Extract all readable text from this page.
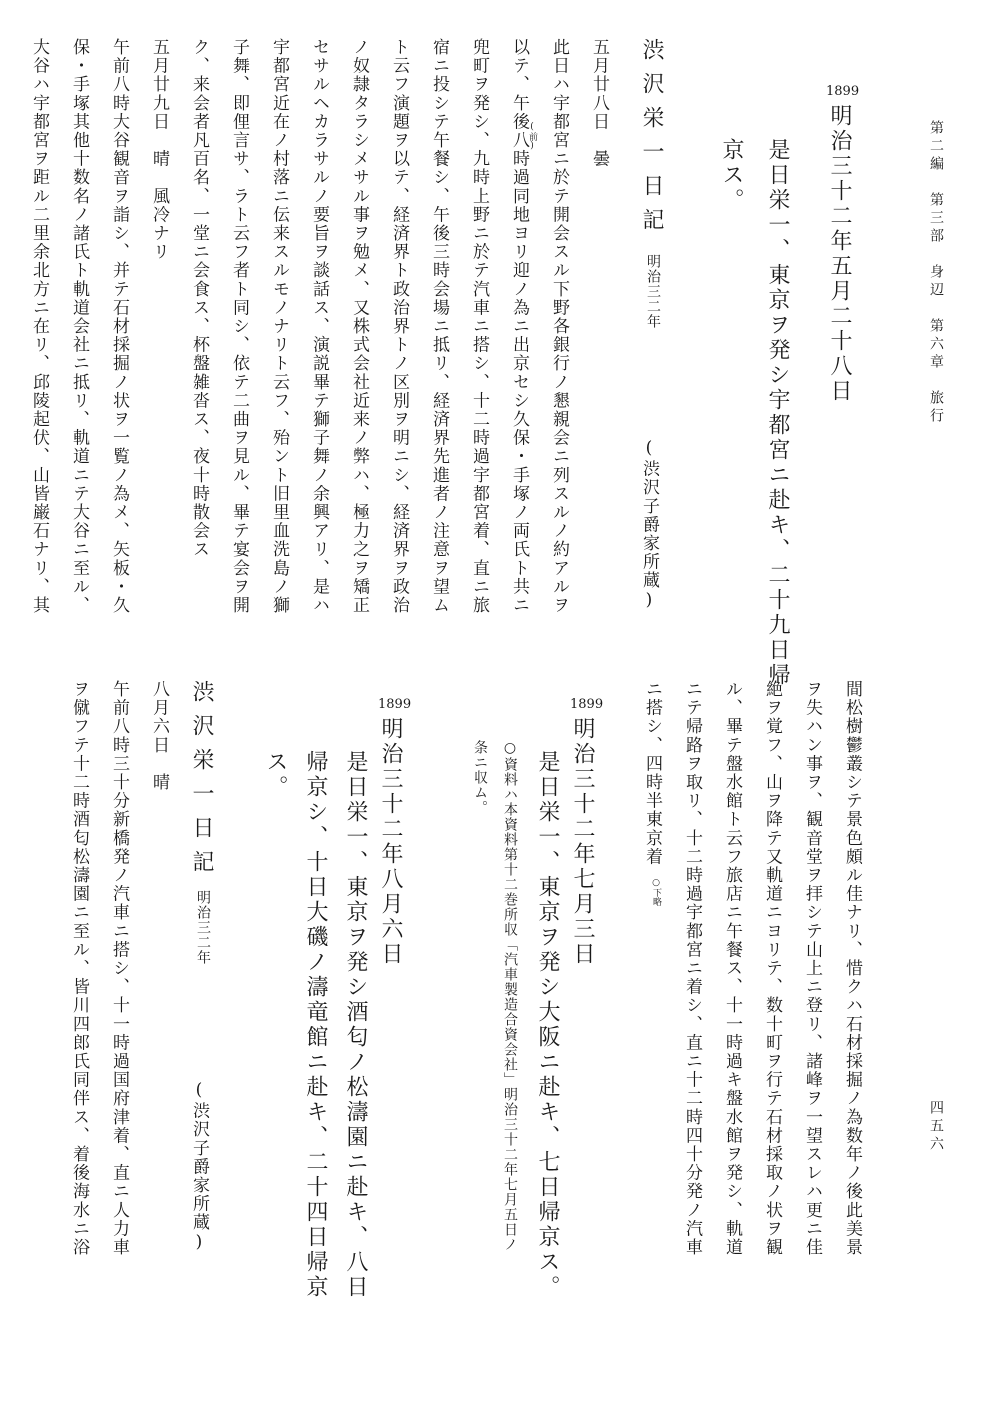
第二編　第三部　身辺　第六章　旅行
四五六
1899
明治三十二年五月二十八日
是日栄一、東京ヲ発シ宇都宮ニ赴キ、二十九日帰
京ス。
渋沢栄一日記
明治三二年
(渋沢子爵家所蔵)
五月廿八日　曇
此日ハ宇都宮ニ於テ開会スル下野各銀行ノ懇親会ニ列スルノ約アルヲ
(前)
以テ、午後八時過同地ヨリ迎ノ為ニ出京セシ久保・手塚ノ両氏ト共ニ
兜町ヲ発シ、九時上野ニ於テ汽車ニ搭シ、十二時過宇都宮着、直ニ旅
宿ニ投シテ午餐シ、午後三時会場ニ抵リ、経済界先進者ノ注意ヲ望ム
ト云フ演題ヲ以テ、経済界ト政治界トノ区別ヲ明ニシ、経済界ヲ政治
ノ奴隷タラシメサル事ヲ勉メ、又株式会社近来ノ弊ハ、極力之ヲ矯正
セサルヘカラサルノ要旨ヲ談話ス、演説畢テ獅子舞ノ余興アリ、是ハ
宇都宮近在ノ村落ニ伝来スルモノナリト云フ、殆ント旧里血洗島ノ獅
子舞、即俚言サ、ラト云フ者ト同シ、依テ二曲ヲ見ル、畢テ宴会ヲ開
ク、来会者凡百名、一堂ニ会食ス、杯盤雑沓ス、夜十時散会ス
五月廿九日　晴　風冷ナリ
午前八時大谷観音ヲ詣シ、并テ石材採掘ノ状ヲ一覧ノ為メ、矢板・久
保・手塚其他十数名ノ諸氏ト軌道会社ニ抵リ、軌道ニテ大谷ニ至ル、
大谷ハ宇都宮ヲ距ル二里余北方ニ在リ、邱陵起伏、山皆巌石ナリ、其
間松樹鬱叢シテ景色頗ル佳ナリ、惜クハ石材採掘ノ為数年ノ後此美景
ヲ失ハン事ヲ、観音堂ヲ拝シテ山上ニ登リ、諸峰ヲ一望スレハ更ニ佳
絶ヲ覚フ、山ヲ降テ又軌道ニヨリテ、数十町ヲ行テ石材採取ノ状ヲ観
ル、畢テ盤水館ト云フ旅店ニ午餐ス、十一時過キ盤水館ヲ発シ、軌道
ニテ帰路ヲ取リ、十二時過宇都宮ニ着シ、直ニ十二時四十分発ノ汽車
ニ搭シ、四時半東京着
○下略
1899
明治三十二年七月三日
是日栄一、東京ヲ発シ大阪ニ赴キ、七日帰京ス。
○資料ハ本資料第十二巻所収「汽車製造合資会社」明治三十二年七月五日ノ
条ニ収ム。
1899
明治三十二年八月六日
是日栄一、東京ヲ発シ酒匂ノ松濤園ニ赴キ、八日
帰京シ、十日大磯ノ濤竜館ニ赴キ、二十四日帰京
ス。
渋沢栄一日記
明治三二年
(渋沢子爵家所蔵)
八月六日　晴
午前八時三十分新橋発ノ汽車ニ搭シ、十一時過国府津着、直ニ人力車
ヲ僦フテ十二時酒匂松濤園ニ至ル、皆川四郎氏同伴ス、着後海水ニ浴
